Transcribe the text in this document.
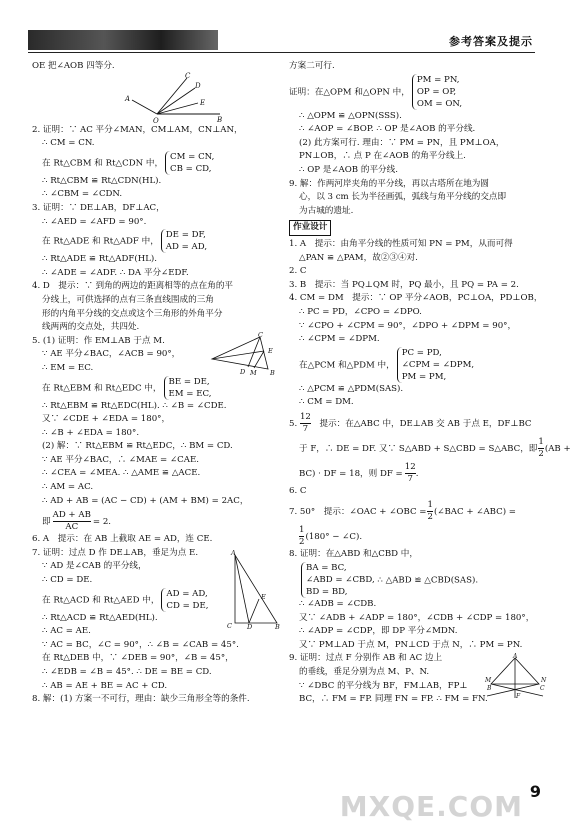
参考答案及提示

OE 把∠AOB 四等分.

A
O	B
C
D
E

2. 证明：∵ AC 平分∠MAN，CM⊥AM，CN⊥AN，

∴ CM = CN.

在 Rt△CBM 和 Rt△CDN 中，CM = CN,
CB = CD,

∴ Rt△CBM ≌ Rt△CDN(HL).

∴ ∠CBM = ∠CDN.

3. 证明：∵ DE⊥AB，DF⊥AC，

∴ ∠AED = ∠AFD = 90°.

在 Rt△ADE 和 Rt△ADF 中，DE = DF,
AD = AD,

∴ Rt△ADE ≌ Rt△ADF(HL).

∴ ∠ADE = ∠ADF. ∴ DA 平分∠EDF.

4. D　提示：∵ 到角的两边的距离相等的点在角的平

分线上，可供选择的点有三条直线围成的三角

形的内角平分线的交点或这个三角形的外角平分

线两两的交点处，共四处.

C
E
B
M
D

5. (1) 证明：作 EM⊥AB 于点 M.

∵ AE 平分∠BAC，∠ACB = 90°，

∴ EM = EC.

在 Rt△EBM 和 Rt△EDC 中，BE = DE,
EM = EC,

∴ Rt△EBM ≌ Rt△EDC(HL). ∴ ∠B = ∠CDE.

又∵ ∠CDE + ∠EDA = 180°，

∴ ∠B + ∠EDA = 180°.

(2) 解：∵ Rt△EBM ≌ Rt△EDC，∴ BM = CD.

∵ AE 平分∠BAC，∴ ∠MAE = ∠CAE.

∴ ∠CEA = ∠MEA. ∴ △AME ≌ △ACE.

∴ AM = AC.

∴ AD + AB = (AC − CD) + (AM + BM) = 2AC，

即 $\frac{AD + AB}{AC} = 2$.

6. A　提示：在 AB 上截取 AE = AD，连 CE.

A
C D	B
E

7. 证明：过点 D 作 DE⊥AB，垂足为点 E.

∵ AD 是∠CAB 的平分线，

∴ CD = DE.

在 Rt△ACD 和 Rt△AED 中，AD = AD,
CD = DE,

∴ Rt△ACD ≌ Rt△AED(HL).

∴ AC = AE.

∵ AC = BC，∠C = 90°，∴ ∠B = ∠CAB = 45°.

在 Rt△DEB 中，∵ ∠DEB = 90°，∠B = 45°，

∴ ∠EDB = ∠B = 45°. ∴ DE = BE = CD.

∴ AB = AE + BE = AC + CD.

8. 解：(1) 方案一不可行，理由：缺少三角形全等的条件.

方案二可行.

证明：在△OPM 和△OPN 中，PM = PN,
OP = OP,
OM = ON,

∴ △OPM ≌ △OPN(SSS).

∴ ∠AOP = ∠BOP. ∴ OP 是∠AOB 的平分线.

(2) 此方案可行. 理由：∵ PM = PN，且 PM⊥OA，

PN⊥OB，∴ 点 P 在∠AOB 的角平分线上.

∴ OP 是∠AOB 的平分线.

9. 解：作两河岸夹角的平分线，再以古塔所在地为圆

心，以 3 cm 长为半径画弧，弧线与角平分线的交点即

为古城的遗址.

作业设计

1. A　提示：由角平分线的性质可知 PN = PM，从而可得

△PAN ≌ △PAM，故②③④对.

2. C

3. B　提示：当 PQ⊥QM 时，PQ 最小，且 PQ = PA = 2.

4. CM = DM　提示：∵ OP 平分∠AOB，PC⊥OA，PD⊥OB，

∴ PC = PD，∠CPO = ∠DPO.

∵ ∠CPO + ∠CPM = 90°，∠DPO + ∠DPM = 90°，

∴ ∠CPM = ∠DPM.

在△PCM 和△PDM 中，PC = PD,
∠CPM = ∠DPM,
PM = PM,

∴ △PCM ≌ △PDM(SAS).

∴ CM = DM.

5. $\frac{12}{7}$
　 提示：在△ABC 中，DE⊥AB 交 AB 于点 E，DF⊥BC

于 F，∴ DE = DF. 又∵ S△ABD + S△CBD = S△ABC，即 $\frac{1}{2} (AB$ +

BC) · DF = 18，则 DF = $\frac{12}{7}$ .

6. C

7. 50°　提示：∠OAC + ∠OBC = $\frac{1}{2}$ (∠BAC + ∠ABC) =

$\frac{1}{2} (180^\circ$ − ∠C).

8. 证明：在△ABD 和△CBD 中，

BA = BC,
∠ABD = ∠CBD,
BD = BD, ∴ △ABD ≌ △CBD(SAS).

∴ ∠ADB = ∠CDB.

又∵ ∠ADB + ∠ADP = 180°，∠CDB + ∠CDP = 180°，

∴ ∠ADP = ∠CDP，即 DP 平分∠MDN.

又∵ PM⊥AD 于点 M，PN⊥CD 于点 N，∴ PM = PN.

A
M	N
B	C
F

9. 证明：过点 F 分别作 AB 和 AC 边上

的垂线，垂足分别为点 M、P、N.

∵ ∠DBC 的平分线为 BF，FM⊥AB，FP⊥

BC，∴ FM = FP. 同理 FN = FP. ∴ FM = FN.

MXQE.COM 9
